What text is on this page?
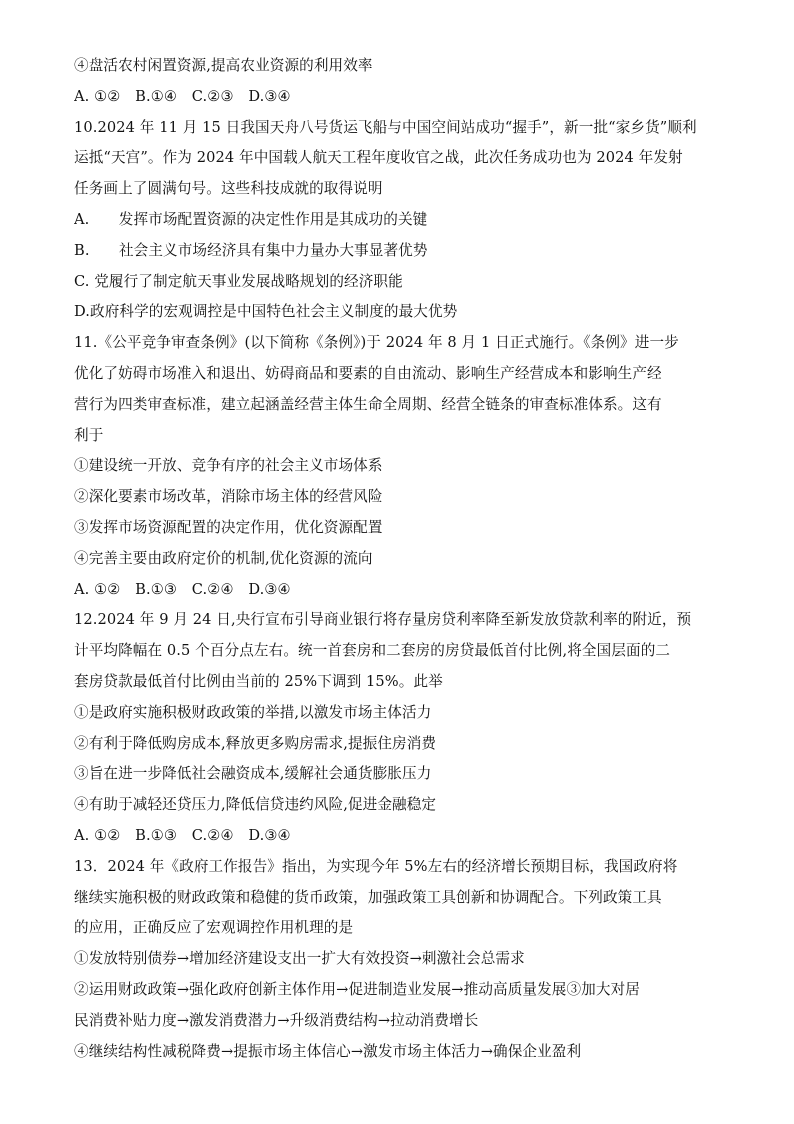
④盘活农村闲置资源,提高农业资源的利用效率
A. ①②　B.①④　C.②③　D.③④
10.2024 年 11 月 15 日我国天舟八号货运飞船与中国空间站成功“握手”，新一批“家乡货”顺利
运抵“天宫”。作为 2024 年中国载人航天工程年度收官之战，此次任务成功也为 2024 年发射
任务画上了圆满句号。这些科技成就的取得说明
A.　　发挥市场配置资源的决定性作用是其成功的关键
B.　　社会主义市场经济具有集中力量办大事显著优势
C. 党履行了制定航天事业发展战略规划的经济职能
D.政府科学的宏观调控是中国特色社会主义制度的最大优势
11.《公平竞争审查条例》(以下简称《条例》)于 2024 年 8 月 1 日正式施行。《条例》进一步
优化了妨碍市场准入和退出、妨碍商品和要素的自由流动、影响生产经营成本和影响生产经
营行为四类审查标准，建立起涵盖经营主体生命全周期、经营全链条的审查标准体系。这有
利于
①建设统一开放、竞争有序的社会主义市场体系
②深化要素市场改革，消除市场主体的经营风险
③发挥市场资源配置的决定作用，优化资源配置
④完善主要由政府定价的机制,优化资源的流向
A. ①②　B.①③　C.②④　D.③④
12.2024 年 9 月 24 日,央行宣布引导商业银行将存量房贷利率降至新发放贷款利率的附近，预
计平均降幅在 0.5 个百分点左右。统一首套房和二套房的房贷最低首付比例,将全国层面的二
套房贷款最低首付比例由当前的 25%下调到 15%。此举
①是政府实施积极财政政策的举措,以激发市场主体活力
②有利于降低购房成本,释放更多购房需求,提振住房消费
③旨在进一步降低社会融资成本,缓解社会通货膨胀压力
④有助于减轻还贷压力,降低信贷违约风险,促进金融稳定
A. ①②　B.①③　C.②④　D.③④
13．2024 年《政府工作报告》指出，为实现今年 5%左右的经济增长预期目标，我国政府将
继续实施积极的财政政策和稳健的货币政策，加强政策工具创新和协调配合。下列政策工具
的应用，正确反应了宏观调控作用机理的是
①发放特别债券→增加经济建设支出一扩大有效投资→刺激社会总需求
②运用财政政策→强化政府创新主体作用→促进制造业发展→推动高质量发展③加大对居
民消费补贴力度→激发消费潜力→升级消费结构→拉动消费增长
④继续结构性减税降费→提振市场主体信心→激发市场主体活力→确保企业盈利
